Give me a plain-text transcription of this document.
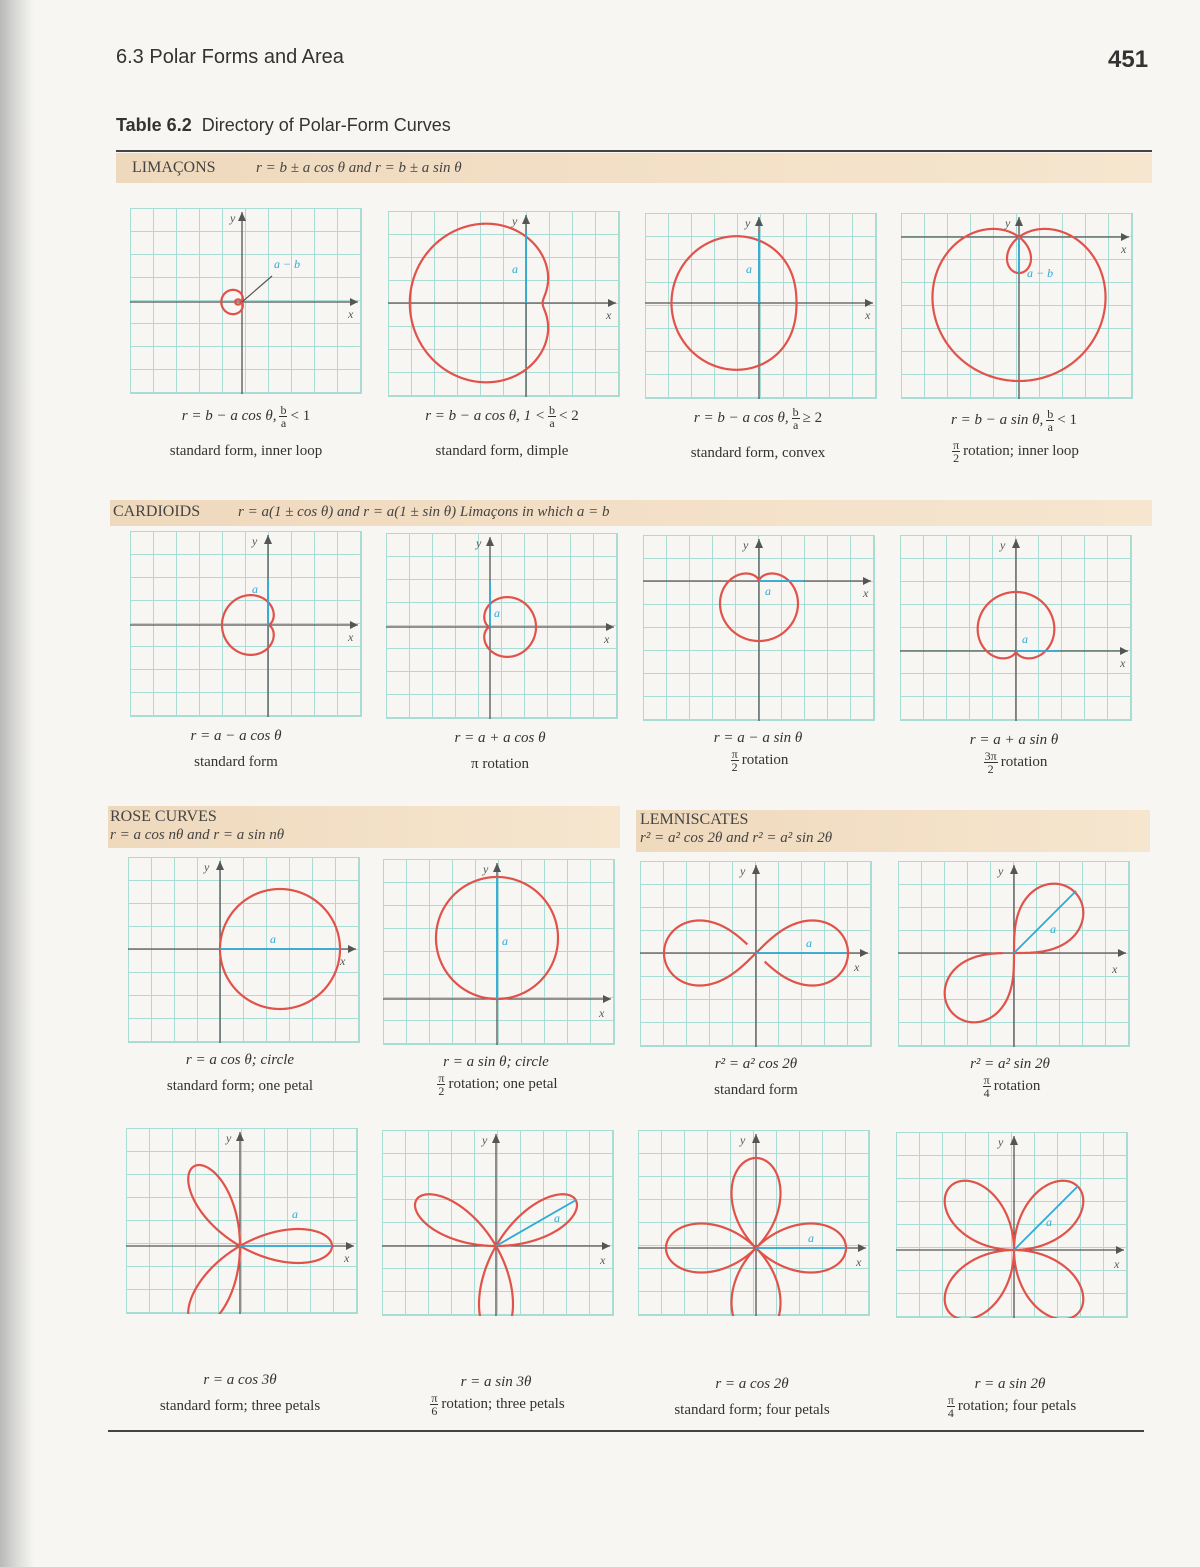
6.3 Polar Forms and Area	451
Table 6.2 Directory of Polar-Form Curves
LIMAÇONS	r = b ± a cos θ and r = b ± a sin θ
CARDIOIDS	r = a(1 ± cos θ) and r = a(1 ± sin θ) Limaçons in which a = b
ROSE CURVES
r = a cos nθ and r = a sin nθ
LEMNISCATES
r² = a² cos 2θ and r² = a² sin 2θ
x
y
a − b
x
y
a
x
y
a
x
y
a − b
x
y
a
x
y
a
x
y
a
x
y
a
x
y
a
x
y
a
x
y
a
x
y
a
x
y
a
x
y
a
x
y
a
x
y
a
r = b − a cos θ, $\frac{b}{a} < 1$
standard form, inner loop
r = b − a cos θ, $1 < \frac{b}{a} < 2$
standard form, dimple
r = b − a cos θ, $\frac{b}{a} \ge 2$
standard form, convex
r = b − a sin θ, $\frac{b}{a} < 1$
$\frac{\pi}{2}$ rotation; inner loop
r = a − a cos θ
standard form
r = a + a cos θ
π rotation
r = a − a sin θ
$\frac{\pi}{2}$ rotation
r = a + a sin θ
$\frac{3\pi}{2}$ rotation
r = a cos θ; circle
standard form; one petal
r = a sin θ; circle
$\frac{\pi}{2}$ rotation; one petal
r² = a² cos 2θ
standard form
r² = a² sin 2θ
$\frac{\pi}{4}$ rotation
r = a cos 3θ
standard form; three petals
r = a sin 3θ
$\frac{\pi}{6}$ rotation; three petals
r = a cos 2θ
standard form; four petals
r = a sin 2θ
$\frac{\pi}{4}$ rotation; four petals
